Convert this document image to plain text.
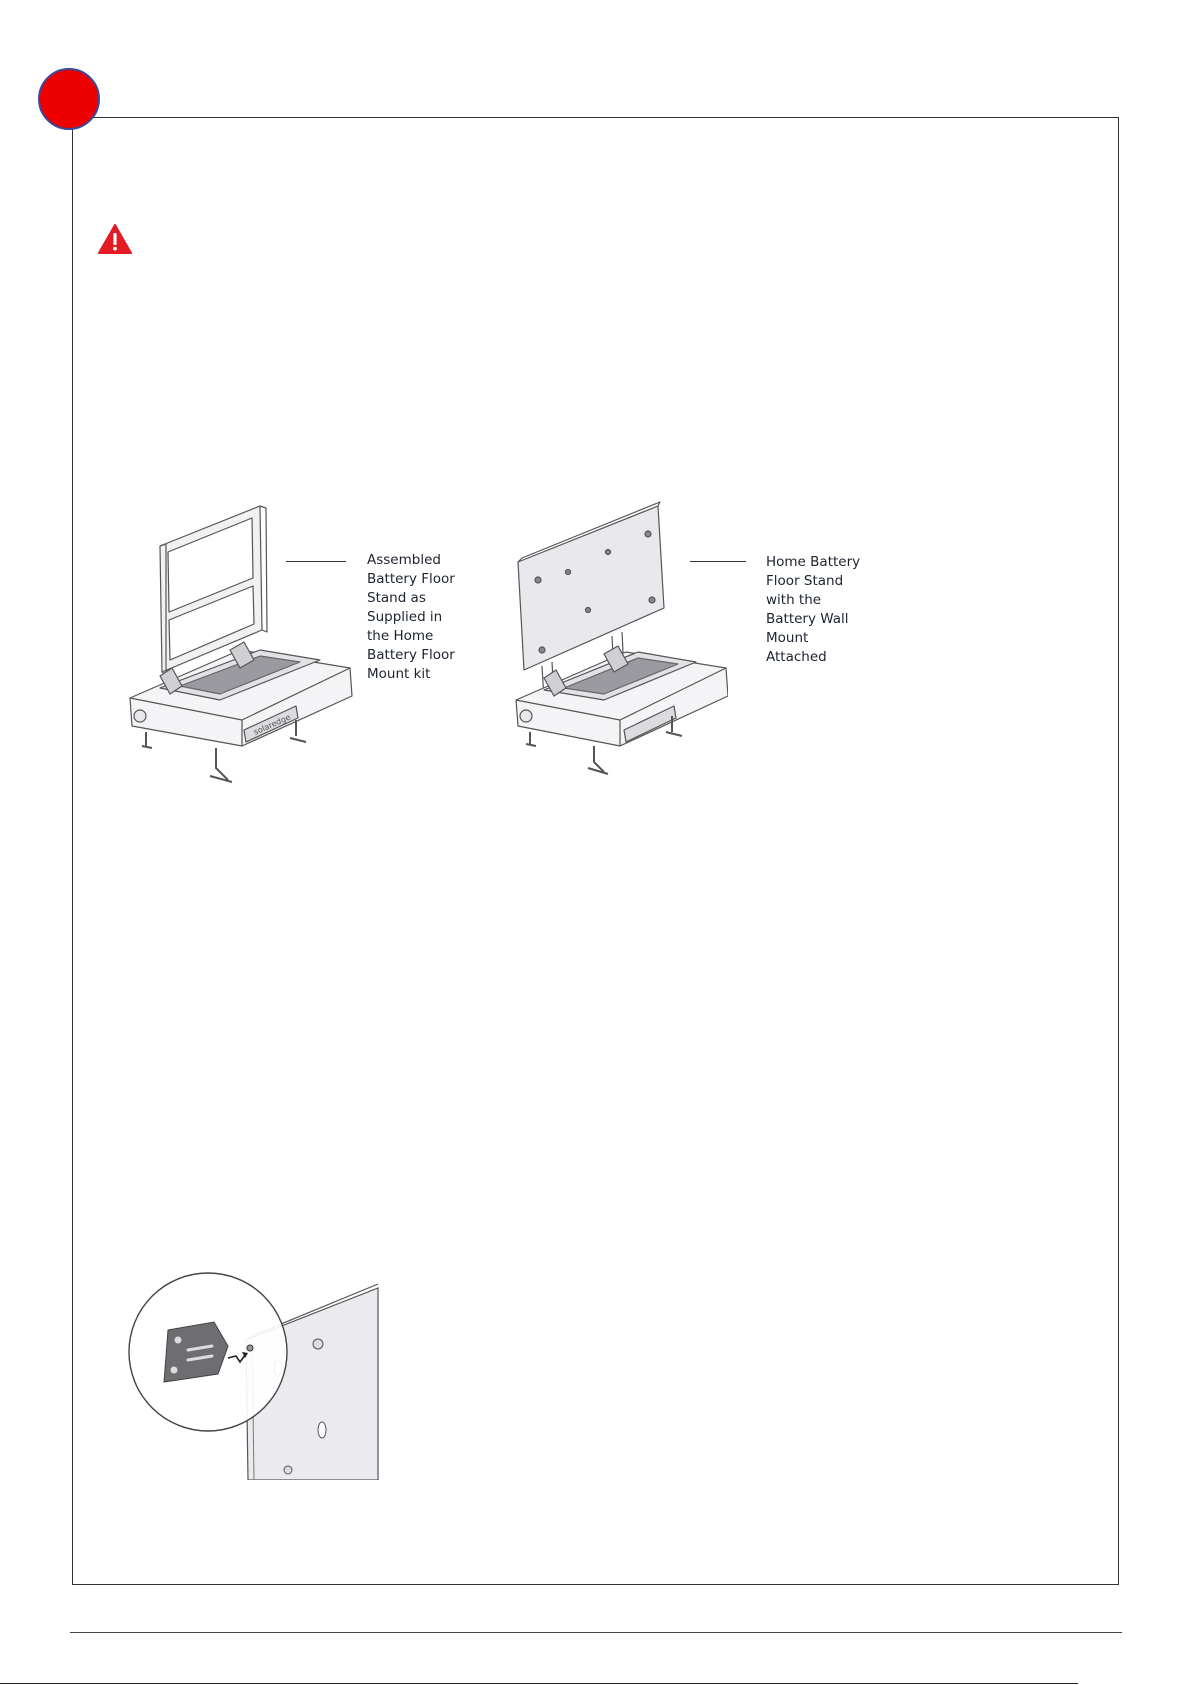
solaredge

Assembled
Battery Floor
Stand as
Supplied in
the Home
Battery Floor
Mount kit

Home Battery
Floor Stand
with the
Battery Wall
Mount
Attached
